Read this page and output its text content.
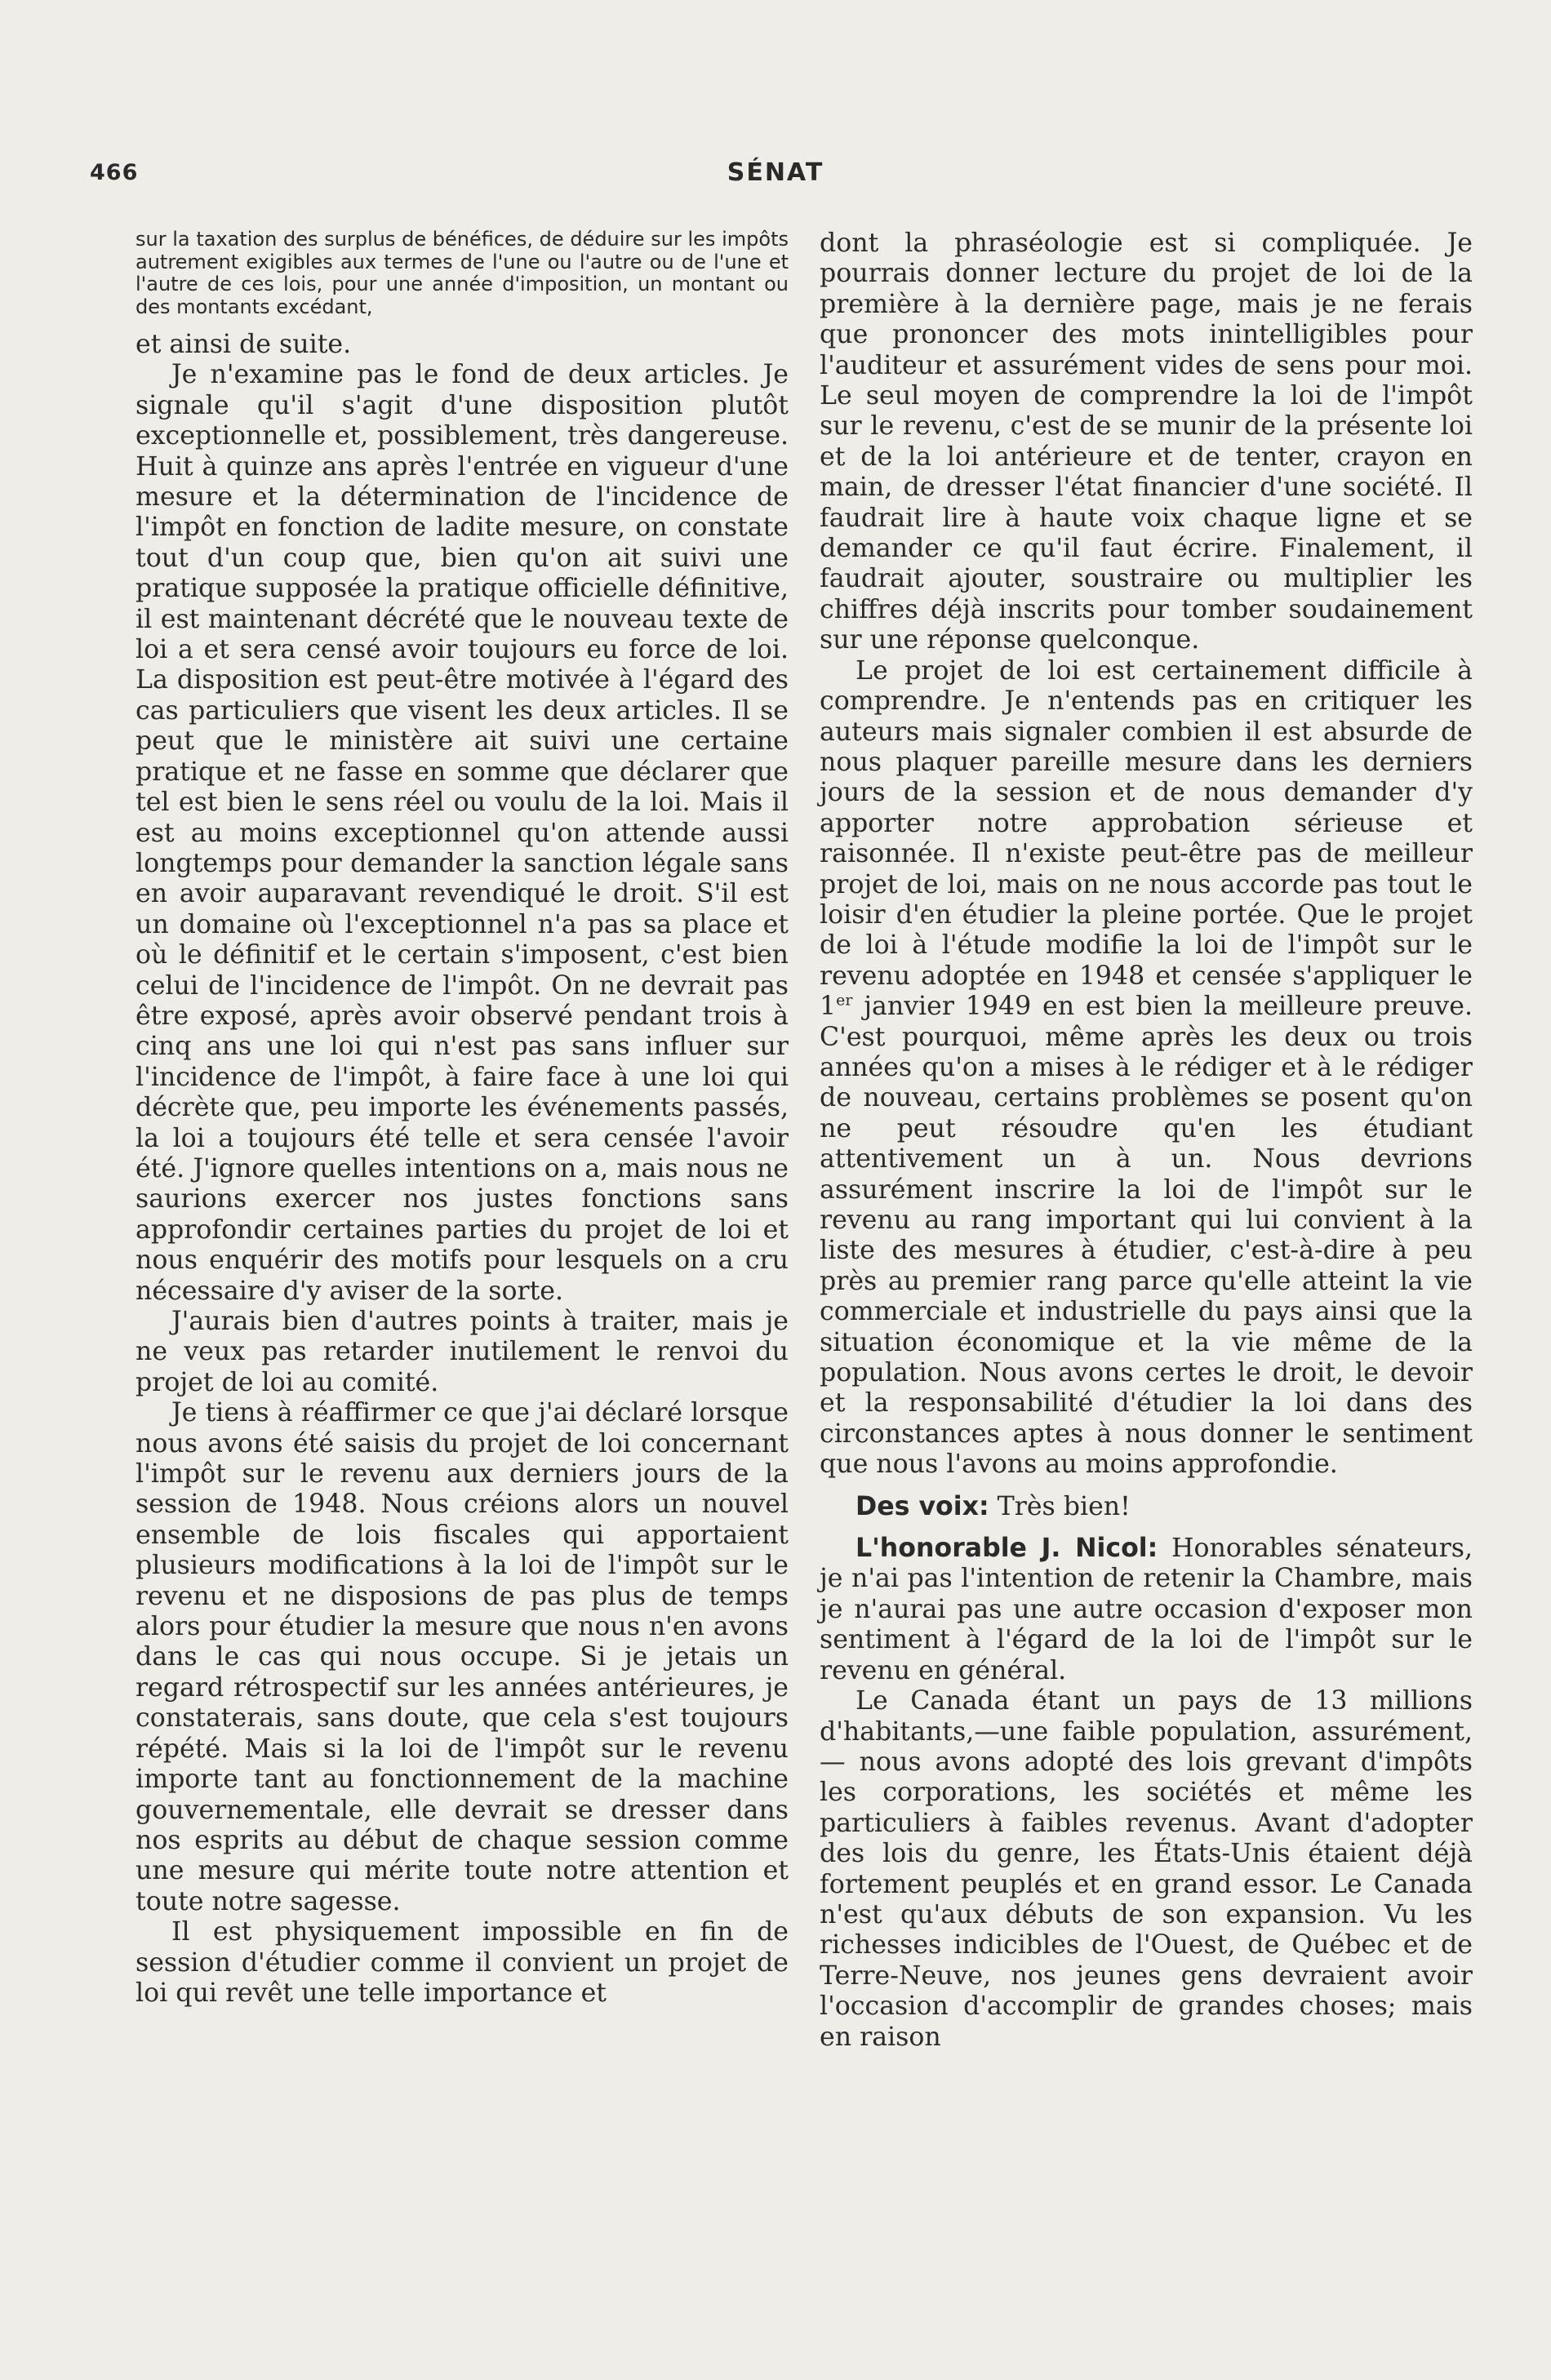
466	SÉNAT
sur la taxation des surplus de bénéfices, de déduire sur les impôts autrement exigibles aux termes de l'une ou l'autre ou de l'une et l'autre de ces lois, pour une année d'imposition, un montant ou des montants excédant,

et ainsi de suite.

Je n'examine pas le fond de deux articles. Je signale qu'il s'agit d'une disposition plutôt exceptionnelle et, possiblement, très dangereuse. Huit à quinze ans après l'entrée en vigueur d'une mesure et la détermination de l'incidence de l'impôt en fonction de ladite mesure, on constate tout d'un coup que, bien qu'on ait suivi une pratique supposée la pratique officielle définitive, il est maintenant décrété que le nouveau texte de loi a et sera censé avoir toujours eu force de loi. La disposition est peut-être motivée à l'égard des cas particuliers que visent les deux articles. Il se peut que le ministère ait suivi une certaine pratique et ne fasse en somme que déclarer que tel est bien le sens réel ou voulu de la loi. Mais il est au moins exceptionnel qu'on attende aussi longtemps pour demander la sanction légale sans en avoir auparavant revendiqué le droit. S'il est un domaine où l'exceptionnel n'a pas sa place et où le définitif et le certain s'imposent, c'est bien celui de l'incidence de l'impôt. On ne devrait pas être exposé, après avoir observé pendant trois à cinq ans une loi qui n'est pas sans influer sur l'incidence de l'impôt, à faire face à une loi qui décrète que, peu importe les événements passés, la loi a toujours été telle et sera censée l'avoir été. J'ignore quelles intentions on a, mais nous ne saurions exercer nos justes fonctions sans approfondir certaines parties du projet de loi et nous enquérir des motifs pour lesquels on a cru nécessaire d'y aviser de la sorte.

J'aurais bien d'autres points à traiter, mais je ne veux pas retarder inutilement le renvoi du projet de loi au comité.

Je tiens à réaffirmer ce que j'ai déclaré lorsque nous avons été saisis du projet de loi concernant l'impôt sur le revenu aux derniers jours de la session de 1948. Nous créions alors un nouvel ensemble de lois fiscales qui apportaient plusieurs modifications à la loi de l'impôt sur le revenu et ne disposions de pas plus de temps alors pour étudier la mesure que nous n'en avons dans le cas qui nous occupe. Si je jetais un regard rétrospectif sur les années antérieures, je constaterais, sans doute, que cela s'est toujours répété. Mais si la loi de l'impôt sur le revenu importe tant au fonctionnement de la machine gouvernementale, elle devrait se dresser dans nos esprits au début de chaque session comme une mesure qui mérite toute notre attention et toute notre sagesse.

Il est physiquement impossible en fin de session d'étudier comme il convient un projet de loi qui revêt une telle importance et

dont la phraséologie est si compliquée. Je pourrais donner lecture du projet de loi de la première à la dernière page, mais je ne ferais que prononcer des mots inintelligibles pour l'auditeur et assurément vides de sens pour moi. Le seul moyen de comprendre la loi de l'impôt sur le revenu, c'est de se munir de la présente loi et de la loi antérieure et de tenter, crayon en main, de dresser l'état financier d'une société. Il faudrait lire à haute voix chaque ligne et se demander ce qu'il faut écrire. Finalement, il faudrait ajouter, soustraire ou multiplier les chiffres déjà inscrits pour tomber soudainement sur une réponse quelconque.

Le projet de loi est certainement difficile à comprendre. Je n'entends pas en critiquer les auteurs mais signaler combien il est absurde de nous plaquer pareille mesure dans les derniers jours de la session et de nous demander d'y apporter notre approbation sérieuse et raisonnée. Il n'existe peut-être pas de meilleur projet de loi, mais on ne nous accorde pas tout le loisir d'en étudier la pleine portée. Que le projet de loi à l'étude modifie la loi de l'impôt sur le revenu adoptée en 1948 et censée s'appliquer le 1er janvier 1949 en est bien la meilleure preuve. C'est pourquoi, même après les deux ou trois années qu'on a mises à le rédiger et à le rédiger de nouveau, certains problèmes se posent qu'on ne peut résoudre qu'en les étudiant attentivement un à un. Nous devrions assurément inscrire la loi de l'impôt sur le revenu au rang important qui lui convient à la liste des mesures à étudier, c'est-à-dire à peu près au premier rang parce qu'elle atteint la vie commerciale et industrielle du pays ainsi que la situation économique et la vie même de la population. Nous avons certes le droit, le devoir et la responsabilité d'étudier la loi dans des circonstances aptes à nous donner le sentiment que nous l'avons au moins approfondie.

Des voix: Très bien!

L'honorable J. Nicol: Honorables sénateurs, je n'ai pas l'intention de retenir la Chambre, mais je n'aurai pas une autre occasion d'exposer mon sentiment à l'égard de la loi de l'impôt sur le revenu en général.

Le Canada étant un pays de 13 millions d'habitants,—une faible population, assurément,— nous avons adopté des lois grevant d'impôts les corporations, les sociétés et même les particuliers à faibles revenus. Avant d'adopter des lois du genre, les États-Unis étaient déjà fortement peuplés et en grand essor. Le Canada n'est qu'aux débuts de son expansion. Vu les richesses indicibles de l'Ouest, de Québec et de Terre-Neuve, nos jeunes gens devraient avoir l'occasion d'accomplir de grandes choses; mais en raison
